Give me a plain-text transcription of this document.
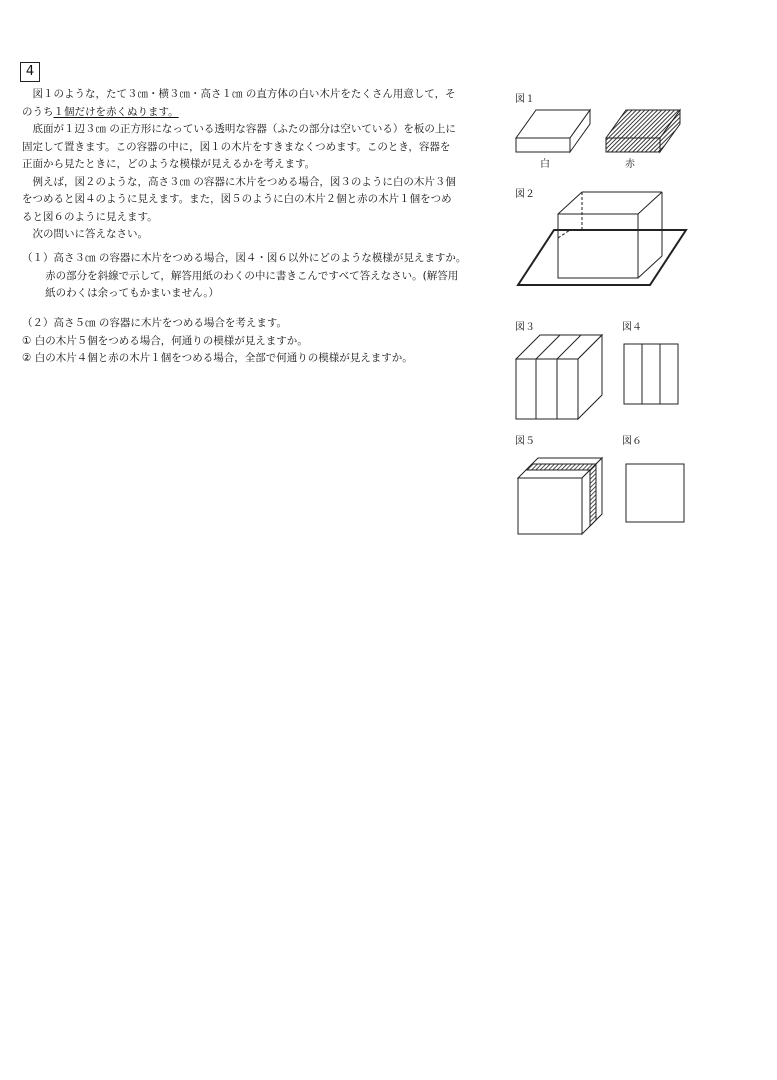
4

図１のような，たて３㎝・横３㎝・高さ１㎝ の直方体の白い木片をたくさん用意して，そ

のうち１個だけを赤くぬります。

底面が１辺３㎝ の正方形になっている透明な容器（ふたの部分は空いている）を板の上に

固定して置きます。この容器の中に，図１の木片をすきまなくつめます。このとき，容器を

正面から見たときに，どのような模様が見えるかを考えます。

例えば，図２のような，高さ３㎝ の容器に木片をつめる場合，図３のように白の木片３個

をつめると図４のように見えます。また，図５のように白の木片２個と赤の木片１個をつめ

ると図６のように見えます。

次の問いに答えなさい。

（１）高さ３㎝ の容器に木片をつめる場合，図４・図６以外にどのような模様が見えますか。
赤の部分を斜線で示して，解答用紙のわくの中に書きこんですべて答えなさい。(解答用
紙のわくは余ってもかまいません。）

（２）高さ５㎝ の容器に木片をつめる場合を考えます。

① 白の木片５個をつめる場合，何通りの模様が見えますか。

② 白の木片４個と赤の木片１個をつめる場合，全部で何通りの模様が見えますか。

図１
図２
図３	図４
図５	図６
白	赤
